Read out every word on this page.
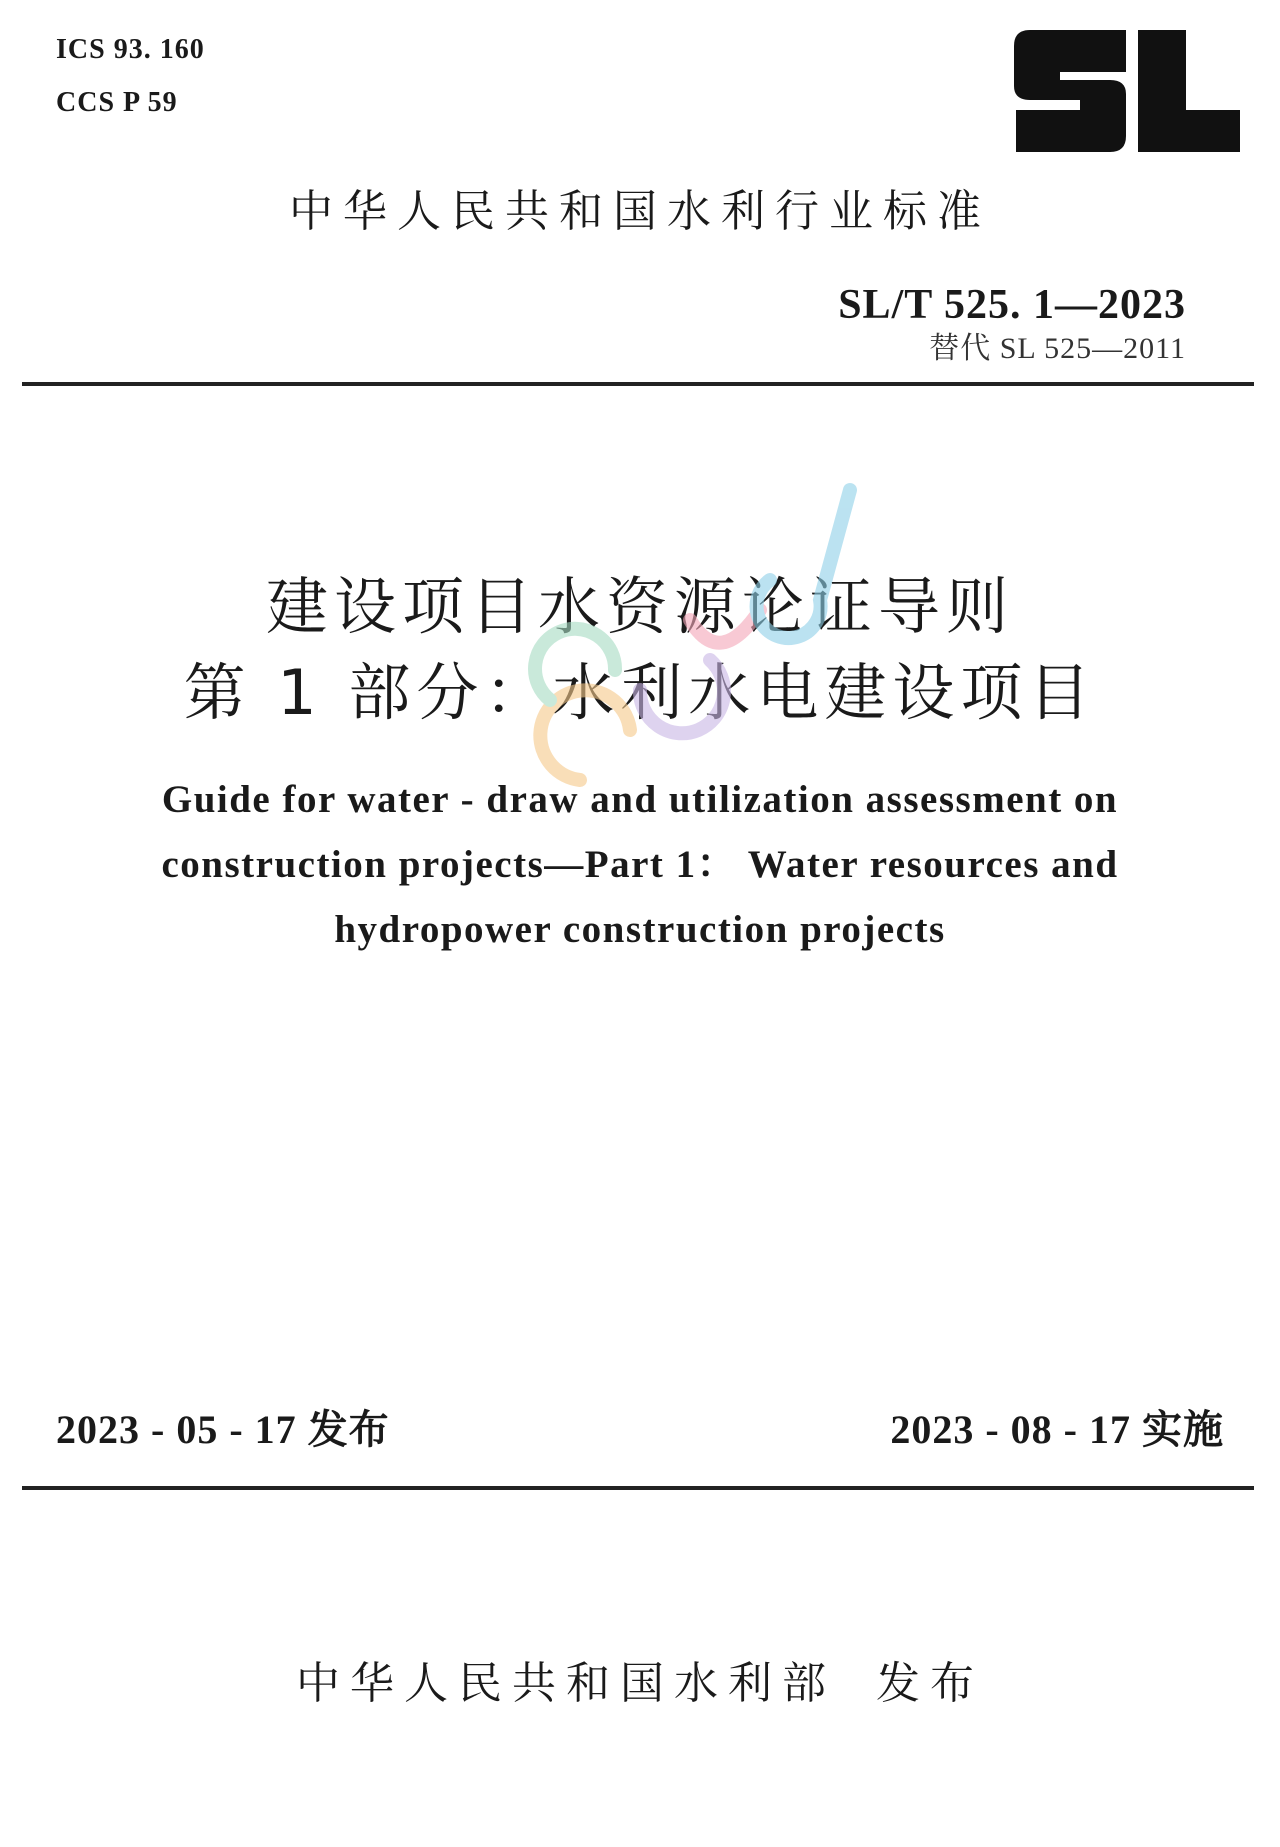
ICS 93. 160
CCS P 59
中华人民共和国水利行业标准
SL/T 525. 1—2023
替代 SL 525—2011
建设项目水资源论证导则
第 1 部分：水利水电建设项目
Guide for water - draw and utilization assessment on
construction projects—Part 1： Water resources and
hydropower construction projects
2023 - 05 - 17 发布	2023 - 08 - 17 实施
中华人民共和国水利部 发布
